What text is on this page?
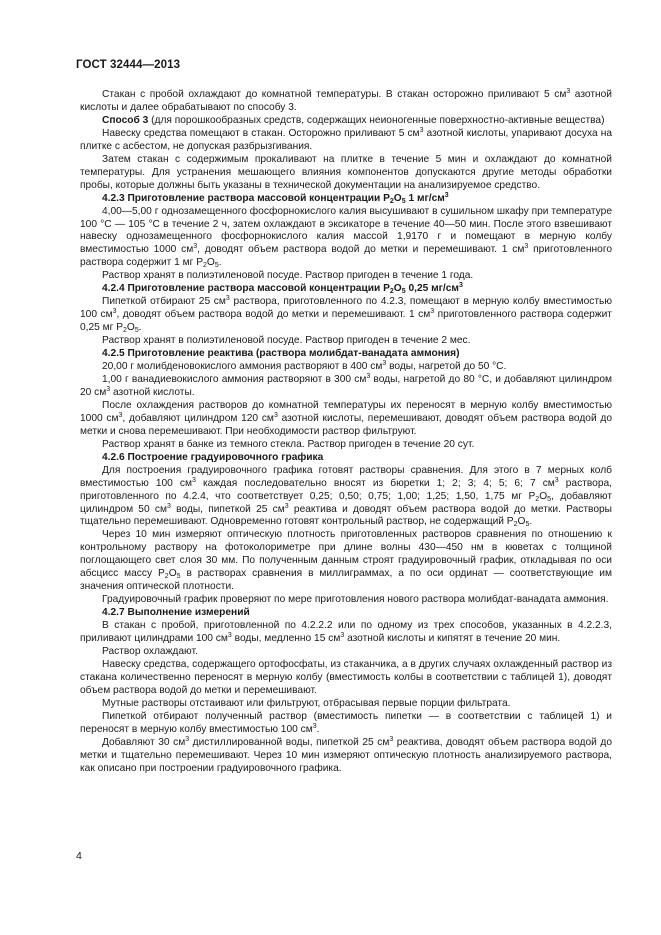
ГОСТ 32444—2013

Стакан с пробой охлаждают до комнатной температуры. В стакан осторожно приливают 5 $см^3$ азотной кислоты и далее обрабатывают по способу 3.

Способ 3 (для порошкообразных средств, содержащих неионогенные поверхностно-активные вещества)

Навеску средства помещают в стакан. Осторожно приливают 5 $см^3$ азотной кислоты, упаривают досуха на плитке с асбестом, не допуская разбрызгивания.

Затем стакан с содержимым прокаливают на плитке в течение 5 мин и охлаждают до комнатной температуры. Для устранения мешающего влияния компонентов допускаются другие методы обработки пробы, которые должны быть указаны в технической документации на анализируемое средство.

4.2.3 Приготовление раствора массовой концентрации $P_2O_5$ 1 $мг/см^3$

4,00—5,00 г однозамещенного фосфорнокислого калия высушивают в сушильном шкафу при температуре 100 °С — 105 °С в течение 2 ч, затем охлаждают в эксикаторе в течение 40—50 мин. После этого взвешивают навеску однозамещенного фосфорнокислого калия массой 1,9170 г и помещают в мерную колбу вместимостью 1000 $см^3$, доводят объем раствора водой до метки и перемешивают. 1 $см^3$ приготовленного раствора содержит 1 мг $P_2O_5$.

Раствор хранят в полиэтиленовой посуде. Раствор пригоден в течение 1 года.

4.2.4 Приготовление раствора массовой концентрации $P_2O_5$ 0,25 $мг/см^3$

Пипеткой отбирают 25 $см^3$ раствора, приготовленного по 4.2.3, помещают в мерную колбу вместимостью 100 $см^3$, доводят объем раствора водой до метки и перемешивают. 1 $см^3$ приготовленного раствора содержит 0,25 мг $P_2O_5$.

Раствор хранят в полиэтиленовой посуде. Раствор пригоден в течение 2 мес.

4.2.5 Приготовление реактива (раствора молибдат-ванадата аммония)

20,00 г молибденовокислого аммония растворяют в 400 $см^3$ воды, нагретой до 50 °С.

1,00 г ванадиевокислого аммония растворяют в 300 $см^3$ воды, нагретой до 80 °С, и добавляют цилиндром 20 $см^3$ азотной кислоты.

После охлаждения растворов до комнатной температуры их переносят в мерную колбу вместимостью 1000 $см^3$, добавляют цилиндром 120 $см^3$ азотной кислоты, перемешивают, доводят объем раствора водой до метки и снова перемешивают. При необходимости раствор фильтруют.

Раствор хранят в банке из темного стекла. Раствор пригоден в течение 20 сут.

4.2.6 Построение градуировочного графика

Для построения градуировочного графика готовят растворы сравнения. Для этого в 7 мерных колб вместимостью 100 $см^3$ каждая последовательно вносят из бюретки 1; 2; 3; 4; 5; 6; 7 $см^3$ раствора, приготовленного по 4.2.4, что соответствует 0,25; 0,50; 0,75; 1,00; 1,25; 1,50, 1,75 мг $P_2O_5$, добавляют цилиндром 50 $см^3$ воды, пипеткой 25 $см^3$ реактива и доводят объем раствора водой до метки. Растворы тщательно перемешивают. Одновременно готовят контрольный раствор, не содержащий $P_2O_5$.

Через 10 мин измеряют оптическую плотность приготовленных растворов сравнения по отношению к контрольному раствору на фотоколориметре при длине волны 430—450 нм в кюветах с толщиной поглощающего свет слоя 30 мм. По полученным данным строят градуировочный график, откладывая по оси абсцисс массу $P_2O_5$ в растворах сравнения в миллиграммах, а по оси ординат — соответствующие им значения оптической плотности.

Градуировочный график проверяют по мере приготовления нового раствора молибдат-ванадата аммония.

4.2.7 Выполнение измерений

В стакан с пробой, приготовленной по 4.2.2.2 или по одному из трех способов, указанных в 4.2.2.3, приливают цилиндрами 100 $см^3$ воды, медленно 15 $см^3$ азотной кислоты и кипятят в течение 20 мин.

Раствор охлаждают.

Навеску средства, содержащего ортофосфаты, из стаканчика, а в других случаях охлажденный раствор из стакана количественно переносят в мерную колбу (вместимость колбы в соответствии с таблицей 1), доводят объем раствора водой до метки и перемешивают.

Мутные растворы отстаивают или фильтруют, отбрасывая первые порции фильтрата.

Пипеткой отбирают полученный раствор (вместимость пипетки — в соответствии с таблицей 1) и переносят в мерную колбу вместимостью 100 $см^3$.

Добавляют 30 $см^3$ дистиллированной воды, пипеткой 25 $см^3$ реактива, доводят объем раствора водой до метки и тщательно перемешивают. Через 10 мин измеряют оптическую плотность анализируемого раствора, как описано при построении градуировочного графика.

4
